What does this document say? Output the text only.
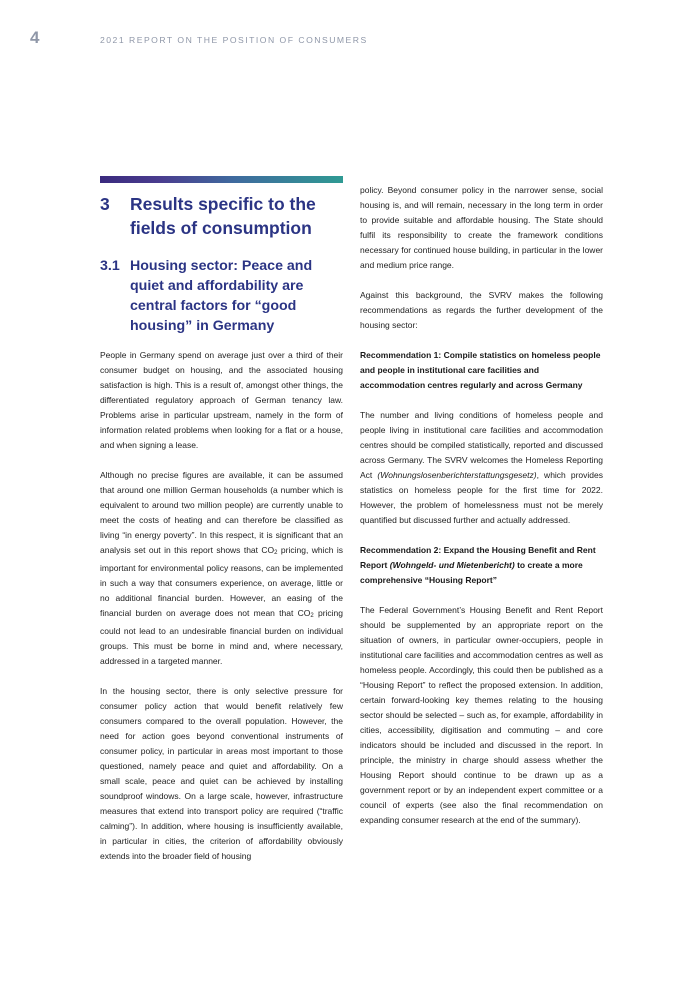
4	2021 REPORT ON THE POSITION OF CONSUMERS
3	Results specific to the fields of consumption
3.1 Housing sector: Peace and quiet and affordability are central factors for “good housing” in Germany

People in Germany spend on average just over a third of their consumer budget on housing, and the associated housing satisfaction is high. This is a result of, amongst other things, the differentiated regulatory approach of German tenancy law. Problems arise in particular upstream, namely in the form of information related problems when looking for a flat or a house, and when signing a lease.

Although no precise figures are available, it can be assumed that around one million German households (a number which is equivalent to around two million people) are currently unable to meet the costs of heating and can therefore be classified as living “in energy poverty”. In this respect, it is significant that an analysis set out in this report shows that $CO_2$ pricing, which is important for environmental policy reasons, can be implemented in such a way that consumers experience, on average, little or no additional financial burden. However, an easing of the financial burden on average does not mean that $CO_2$ pricing could not lead to an undesirable financial burden on individual groups. This must be borne in mind and, where necessary, addressed in a targeted manner.

In the housing sector, there is only selective pressure for consumer policy action that would benefit relatively few consumers compared to the overall population. However, the need for action goes beyond conventional instruments of consumer policy, in particular in areas most important to those questioned, namely peace and quiet and affordability. On a small scale, peace and quiet can be achieved by installing soundproof windows. On a large scale, however, infrastructure measures that extend into transport policy are required (“traffic calming”). In addition, where housing is insufficiently available, in particular in cities, the criterion of affordability obviously extends into the broader field of housing

policy. Beyond consumer policy in the narrower sense, social housing is, and will remain, necessary in the long term in order to provide suitable and affordable housing. The State should fulfil its responsibility to create the framework conditions necessary for continued house building, in particular in the lower and medium price range.

Against this background, the SVRV makes the following recommendations as regards the further development of the housing sector:

Recommendation 1: Compile statistics on homeless people and people in institutional care facilities and accommodation centres regularly and across Germany

The number and living conditions of homeless people and people living in institutional care facilities and accommodation centres should be compiled statistically, reported and discussed across Germany. The SVRV welcomes the Homeless Reporting Act (Wohnungslosenberichterstattungsgesetz), which provides statistics on homeless people for the first time for 2022. However, the problem of homelessness must not be merely quantified but discussed further and actually addressed.

Recommendation 2: Expand the Housing Benefit and Rent Report (Wohngeld- und Mietenbericht) to create a more comprehensive “Housing Report”

The Federal Government’s Housing Benefit and Rent Report should be supplemented by an appropriate report on the situation of owners, in particular owner-occupiers, people in institutional care facilities and accommodation centres as well as homeless people. Accordingly, this could then be published as a “Housing Report” to reflect the proposed extension. In addition, certain forward-looking key themes relating to the housing sector should be selected – such as, for example, affordability in cities, accessibility, digitisation and commuting – and core indicators should be included and discussed in the report. In principle, the ministry in charge should assess whether the Housing Report should continue to be drawn up as a government report or by an independent expert committee or a council of experts (see also the final recommendation on expanding consumer research at the end of the summary).
